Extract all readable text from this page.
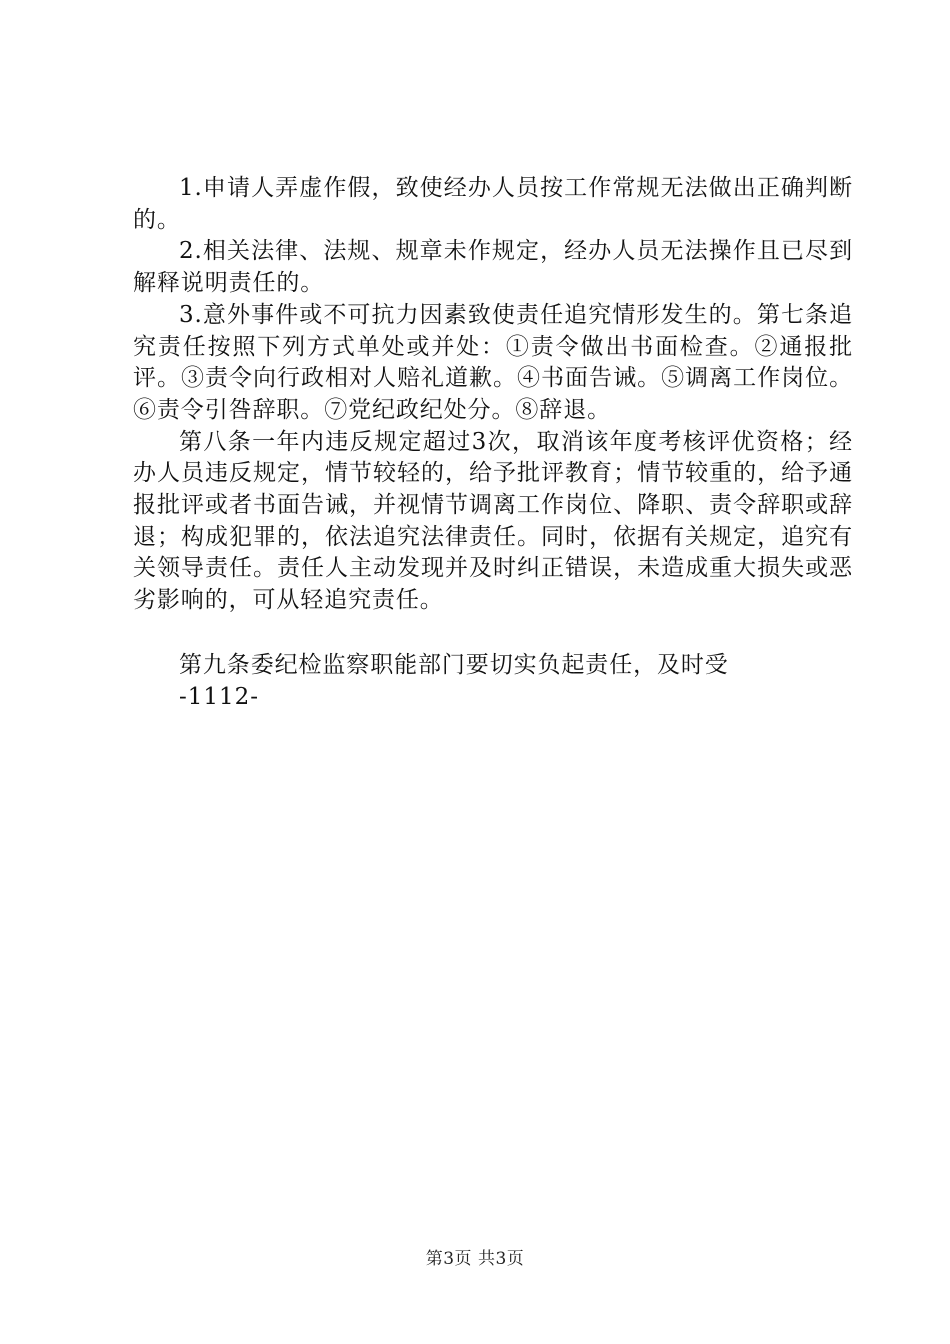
1.申请人弄虚作假，致使经办人员按工作常规无法做出正确判断的。

2.相关法律、法规、规章未作规定，经办人员无法操作且已尽到解释说明责任的。

3.意外事件或不可抗力因素致使责任追究情形发生的。第七条追究责任按照下列方式单处或并处：①责令做出书面检查。②通报批评。③责令向行政相对人赔礼道歉。④书面告诫。⑤调离工作岗位。⑥责令引咎辞职。⑦党纪政纪处分。⑧辞退。

第八条一年内违反规定超过3次，取消该年度考核评优资格；经办人员违反规定，情节较轻的，给予批评教育；情节较重的，给予通报批评或者书面告诫，并视情节调离工作岗位、降职、责令辞职或辞退；构成犯罪的，依法追究法律责任。同时，依据有关规定，追究有关领导责任。责任人主动发现并及时纠正错误，未造成重大损失或恶劣影响的，可从轻追究责任。

第九条委纪检监察职能部门要切实负起责任，及时受

-1112-

第3页 共3页
